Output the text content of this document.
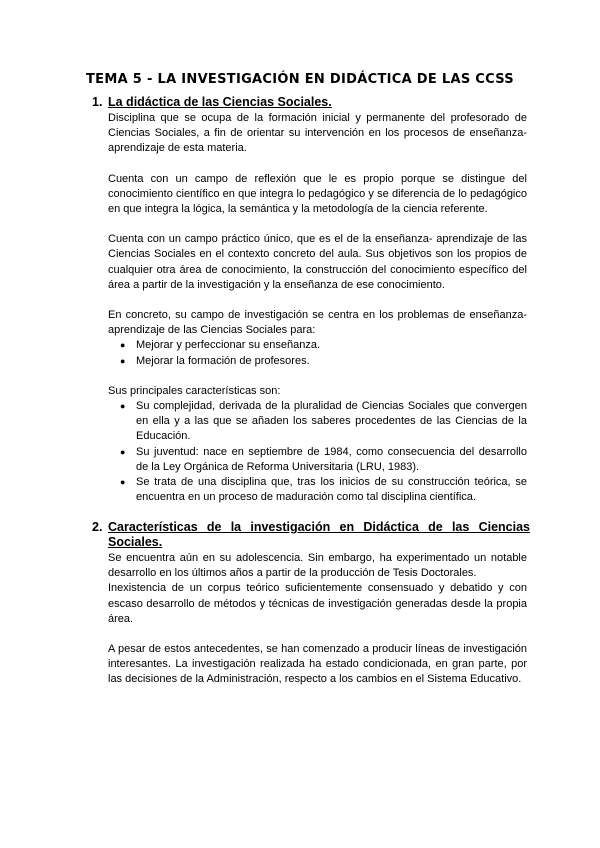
TEMA 5 - LA INVESTIGACIÓN EN DIDÁCTICA DE LAS CCSS
1. La didáctica de las Ciencias Sociales.

Disciplina que se ocupa de la formación inicial y permanente del profesorado de Ciencias Sociales, a fin de orientar su intervención en los procesos de enseñanza-aprendizaje de esta materia.

Cuenta con un campo de reflexión que le es propio porque se distingue del conocimiento científico en que integra lo pedagógico y se diferencia de lo pedagógico en que integra la lógica, la semántica y la metodología de la ciencia referente.

Cuenta con un campo práctico único, que es el de la enseñanza- aprendizaje de las Ciencias Sociales en el contexto concreto del aula. Sus objetivos son los propios de cualquier otra área de conocimiento, la construcción del conocimiento específico del área a partir de la investigación y la enseñanza de ese conocimiento.

En concreto, su campo de investigación se centra en los problemas de enseñanza-aprendizaje de las Ciencias Sociales para:

● Mejorar y perfeccionar su enseñanza.
● Mejorar la formación de profesores.

Sus principales características son:

● Su complejidad, derivada de la pluralidad de Ciencias Sociales que convergen en ella y a las que se añaden los saberes procedentes de las Ciencias de la Educación.
● Su juventud: nace en septiembre de 1984, como consecuencia del desarrollo de la Ley Orgánica de Reforma Universitaria (LRU, 1983).
● Se trata de una disciplina que, tras los inicios de su construcción teórica, se encuentra en un proceso de maduración como tal disciplina científica.
2. Características de la investigación en Didáctica de las Ciencias Sociales.

Se encuentra aún en su adolescencia. Sin embargo, ha experimentado un notable desarrollo en los últimos años a partir de la producción de Tesis Doctorales.

Inexistencia de un corpus teórico suficientemente consensuado y debatido y con escaso desarrollo de métodos y técnicas de investigación generadas desde la propia área.

A pesar de estos antecedentes, se han comenzado a producir líneas de investigación interesantes. La investigación realizada ha estado condicionada, en gran parte, por las decisiones de la Administración, respecto a los cambios en el Sistema Educativo.
